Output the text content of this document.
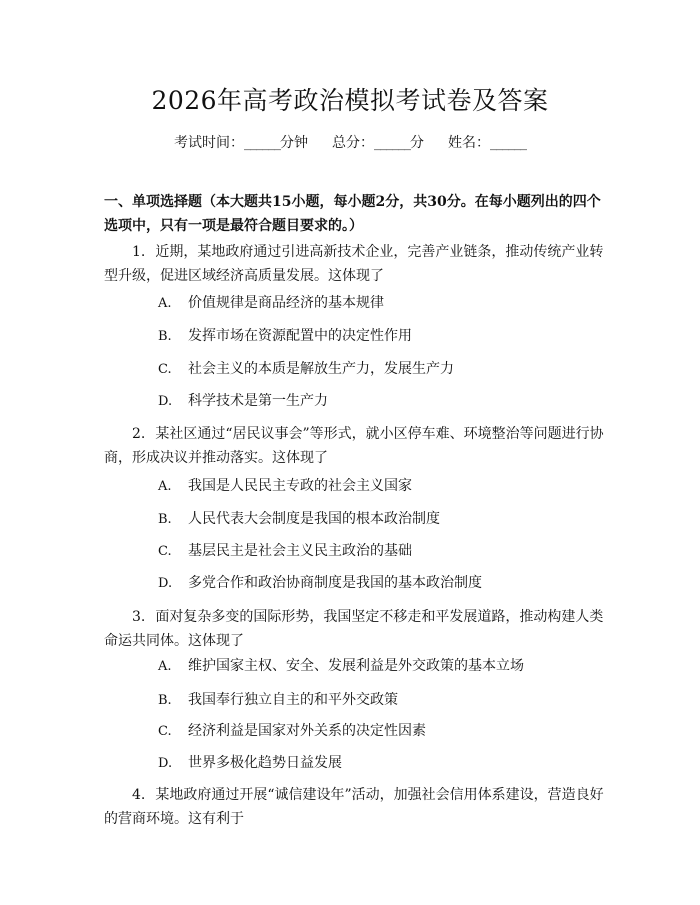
2026年高考政治模拟考试卷及答案
考试时间：______分钟 总分：______分 姓名：______
一、单项选择题（本大题共15小题，每小题2分，共30分。在每小题列出的四个选项中，只有一项是最符合题目要求的。）
1. 近期，某地政府通过引进高新技术企业，完善产业链条，推动传统产业转型升级，促进区域经济高质量发展。这体现了
A. 价值规律是商品经济的基本规律
B. 发挥市场在资源配置中的决定性作用
C. 社会主义的本质是解放生产力，发展生产力
D. 科学技术是第一生产力
2. 某社区通过“居民议事会”等形式，就小区停车难、环境整治等问题进行协商，形成决议并推动落实。这体现了
A. 我国是人民民主专政的社会主义国家
B. 人民代表大会制度是我国的根本政治制度
C. 基层民主是社会主义民主政治的基础
D. 多党合作和政治协商制度是我国的基本政治制度
3. 面对复杂多变的国际形势，我国坚定不移走和平发展道路，推动构建人类命运共同体。这体现了
A. 维护国家主权、安全、发展利益是外交政策的基本立场
B. 我国奉行独立自主的和平外交政策
C. 经济利益是国家对外关系的决定性因素
D. 世界多极化趋势日益发展
4. 某地政府通过开展“诚信建设年”活动，加强社会信用体系建设，营造良好的营商环境。这有利于
